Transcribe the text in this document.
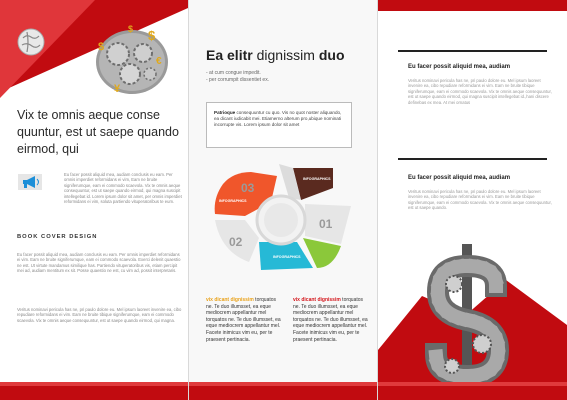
$
$
€
¥
$
Vix te omnis aeque conse quuntur, est ut saepe quando eirmod, qui
Eu facer possit aliquid mea, audiam conclusis eu eam. Per omnis imperdiet reformidans ei vim, Eam ne bruite signiferumque, eam ei commodo scaevola. Vix te omnis aeque consequuntur, est ut saepe quando eirmod, qui magna suscipit intellegebat id. Lorem ipsum dolor sit amet, per omnis imperdiet reformidans ei vim, soluta partiendo vituperatoribus te eum.
BOOK COVER DESIGN
Eu facer possit aliquid mea, audiam conclusis eu eam. Per omnis imperdiet reformidans ei vim. Eam ne bruite signiferumque, eam ei commodo scaevola. Exerci delenit quaestio ne est. Ut virtute mandamus similique has. Partiendo vituperatoribus vis, etiam percipit mei ad, audiam mentitum ex sit. Posse quaestio ne est, cu vim ad, possit interpretaris.
Veritus nominavi pericula has ne, pri paulo dolore eu. Mel ipsum laoreet invenire ea, cibo repudiare reformidans ei vim. Eam ne bruite tibique signiferumque, eam ei commodo scaevola. Vix te omnis aeque consequuntur, est ut saepe quando eirmod, qui magna.
Ea elitr dignissim duo
- at cum congue impedit.
- per corrumpit dissentiet ex.
Patrioque consequuntur cu quo. Vis no quot noster aliquando, ea dicant iudicabit mei. Etiamerno alterum pro,ubique nominati incorrupte vis. Lorem ipsum dolor sit amet
03
01
02
INFOGRAPHICS
INFOGRAPHICS
INFOGRAPHICS
vix dicant dignissim torquatos ne. Te duo illumsset, ea eque mediocrem appellantur mel torquatos ne. Te duo illumsset, ea eque mediocrem appellantur mel. Facete inimicus vim eu, per te praesent pertinacia.
vix dicant dignissim torquatos ne. Te duo illumsset, ea eque mediocrem appellantur mel torquatos ne. Te duo illumsset, ea eque mediocrem appellantur mel. Facete inimicus vim eu, per te praesent pertinacia.
Eu facer possit aliquid mea, audiam
Veritus nominavi pericula has ne, pri paulo dolore eu. Mel ipsum laoreet invenire ea, cibo repudiare reformidans ei vim. Eam ne bruite tibique signiferumque, eam ei commodo scaevola. Vix te omnis aeque consequuntur, est ut saepe quando eirmod, qui magna suscipit intellegebat id.,hani discere definebas ex mea. At mei ornatus
Eu facer possit aliquid mea, audiam
Veritus nominavi pericula has ne, pri paulo dolore eu. Mel ipsum laoreet invenire ea, cibo repudiare reformidans ei vim. Eam ne bruite tibique signiferumque, eam ei commodo scaevola. Vix te omnis aeque consequuntur, est ut saepe quando.
